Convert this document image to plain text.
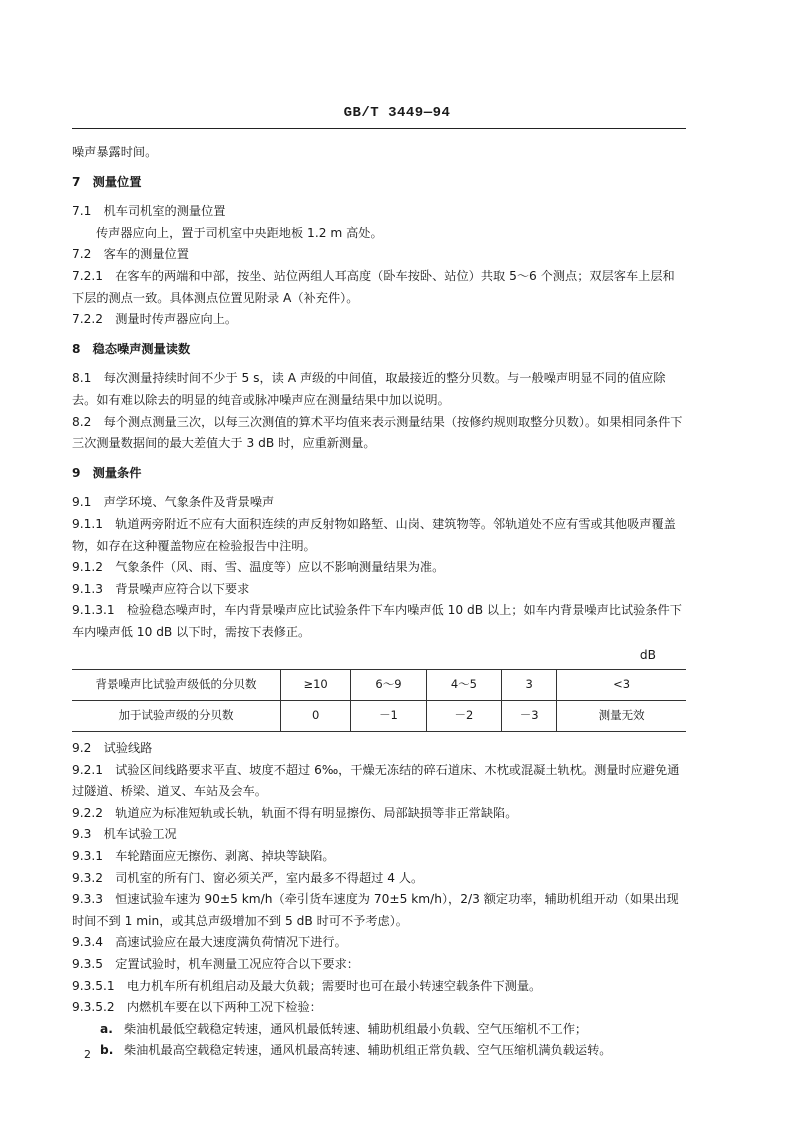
GB/T 3449—94

噪声暴露时间。

7　测量位置

7.1　机车司机室的测量位置

传声器应向上，置于司机室中央距地板 1.2 m 高处。

7.2　客车的测量位置

7.2.1　在客车的两端和中部，按坐、站位两组人耳高度（卧车按卧、站位）共取 5～6 个测点；双层客车上层和下层的测点一致。具体测点位置见附录 A（补充件）。

7.2.2　测量时传声器应向上。

8　稳态噪声测量读数

8.1　每次测量持续时间不少于 5 s，读 A 声级的中间值，取最接近的整分贝数。与一般噪声明显不同的值应除去。如有难以除去的明显的纯音或脉冲噪声应在测量结果中加以说明。

8.2　每个测点测量三次，以每三次测值的算术平均值来表示测量结果（按修约规则取整分贝数）。如果相同条件下三次测量数据间的最大差值大于 3 dB 时，应重新测量。

9　测量条件

9.1　声学环境、气象条件及背景噪声

9.1.1　轨道两旁附近不应有大面积连续的声反射物如路堑、山岗、建筑物等。邻轨道处不应有雪或其他吸声覆盖物，如存在这种覆盖物应在检验报告中注明。

9.1.2　气象条件（风、雨、雪、温度等）应以不影响测量结果为准。

9.1.3　背景噪声应符合以下要求

9.1.3.1　检验稳态噪声时，车内背景噪声应比试验条件下车内噪声低 10 dB 以上；如车内背景噪声比试验条件下车内噪声低 10 dB 以下时，需按下表修正。

dB
背景噪声比试验声级低的分贝数	≥10	6～9	4～5	3	<3
加于试验声级的分贝数	0	－1	－2	－3	测量无效

9.2　试验线路

9.2.1　试验区间线路要求平直、坡度不超过 6‰，干燥无冻结的碎石道床、木枕或混凝土轨枕。测量时应避免通过隧道、桥梁、道叉、车站及会车。

9.2.2　轨道应为标准短轨或长轨，轨面不得有明显擦伤、局部缺损等非正常缺陷。

9.3　机车试验工况

9.3.1　车轮踏面应无擦伤、剥离、掉块等缺陷。

9.3.2　司机室的所有门、窗必须关严，室内最多不得超过 4 人。

9.3.3　恒速试验车速为 90±5 km/h（牵引货车速度为 70±5 km/h），2/3 额定功率，辅助机组开动（如果出现时间不到 1 min，或其总声级增加不到 5 dB 时可不予考虑）。

9.3.4　高速试验应在最大速度满负荷情况下进行。

9.3.5　定置试验时，机车测量工况应符合以下要求：

9.3.5.1　电力机车所有机组启动及最大负载；需要时也可在最小转速空载条件下测量。

9.3.5.2　内燃机车要在以下两种工况下检验：

a. 柴油机最低空载稳定转速，通风机最低转速、辅助机组最小负载、空气压缩机不工作；

b. 柴油机最高空载稳定转速，通风机最高转速、辅助机组正常负载、空气压缩机满负载运转。

2
